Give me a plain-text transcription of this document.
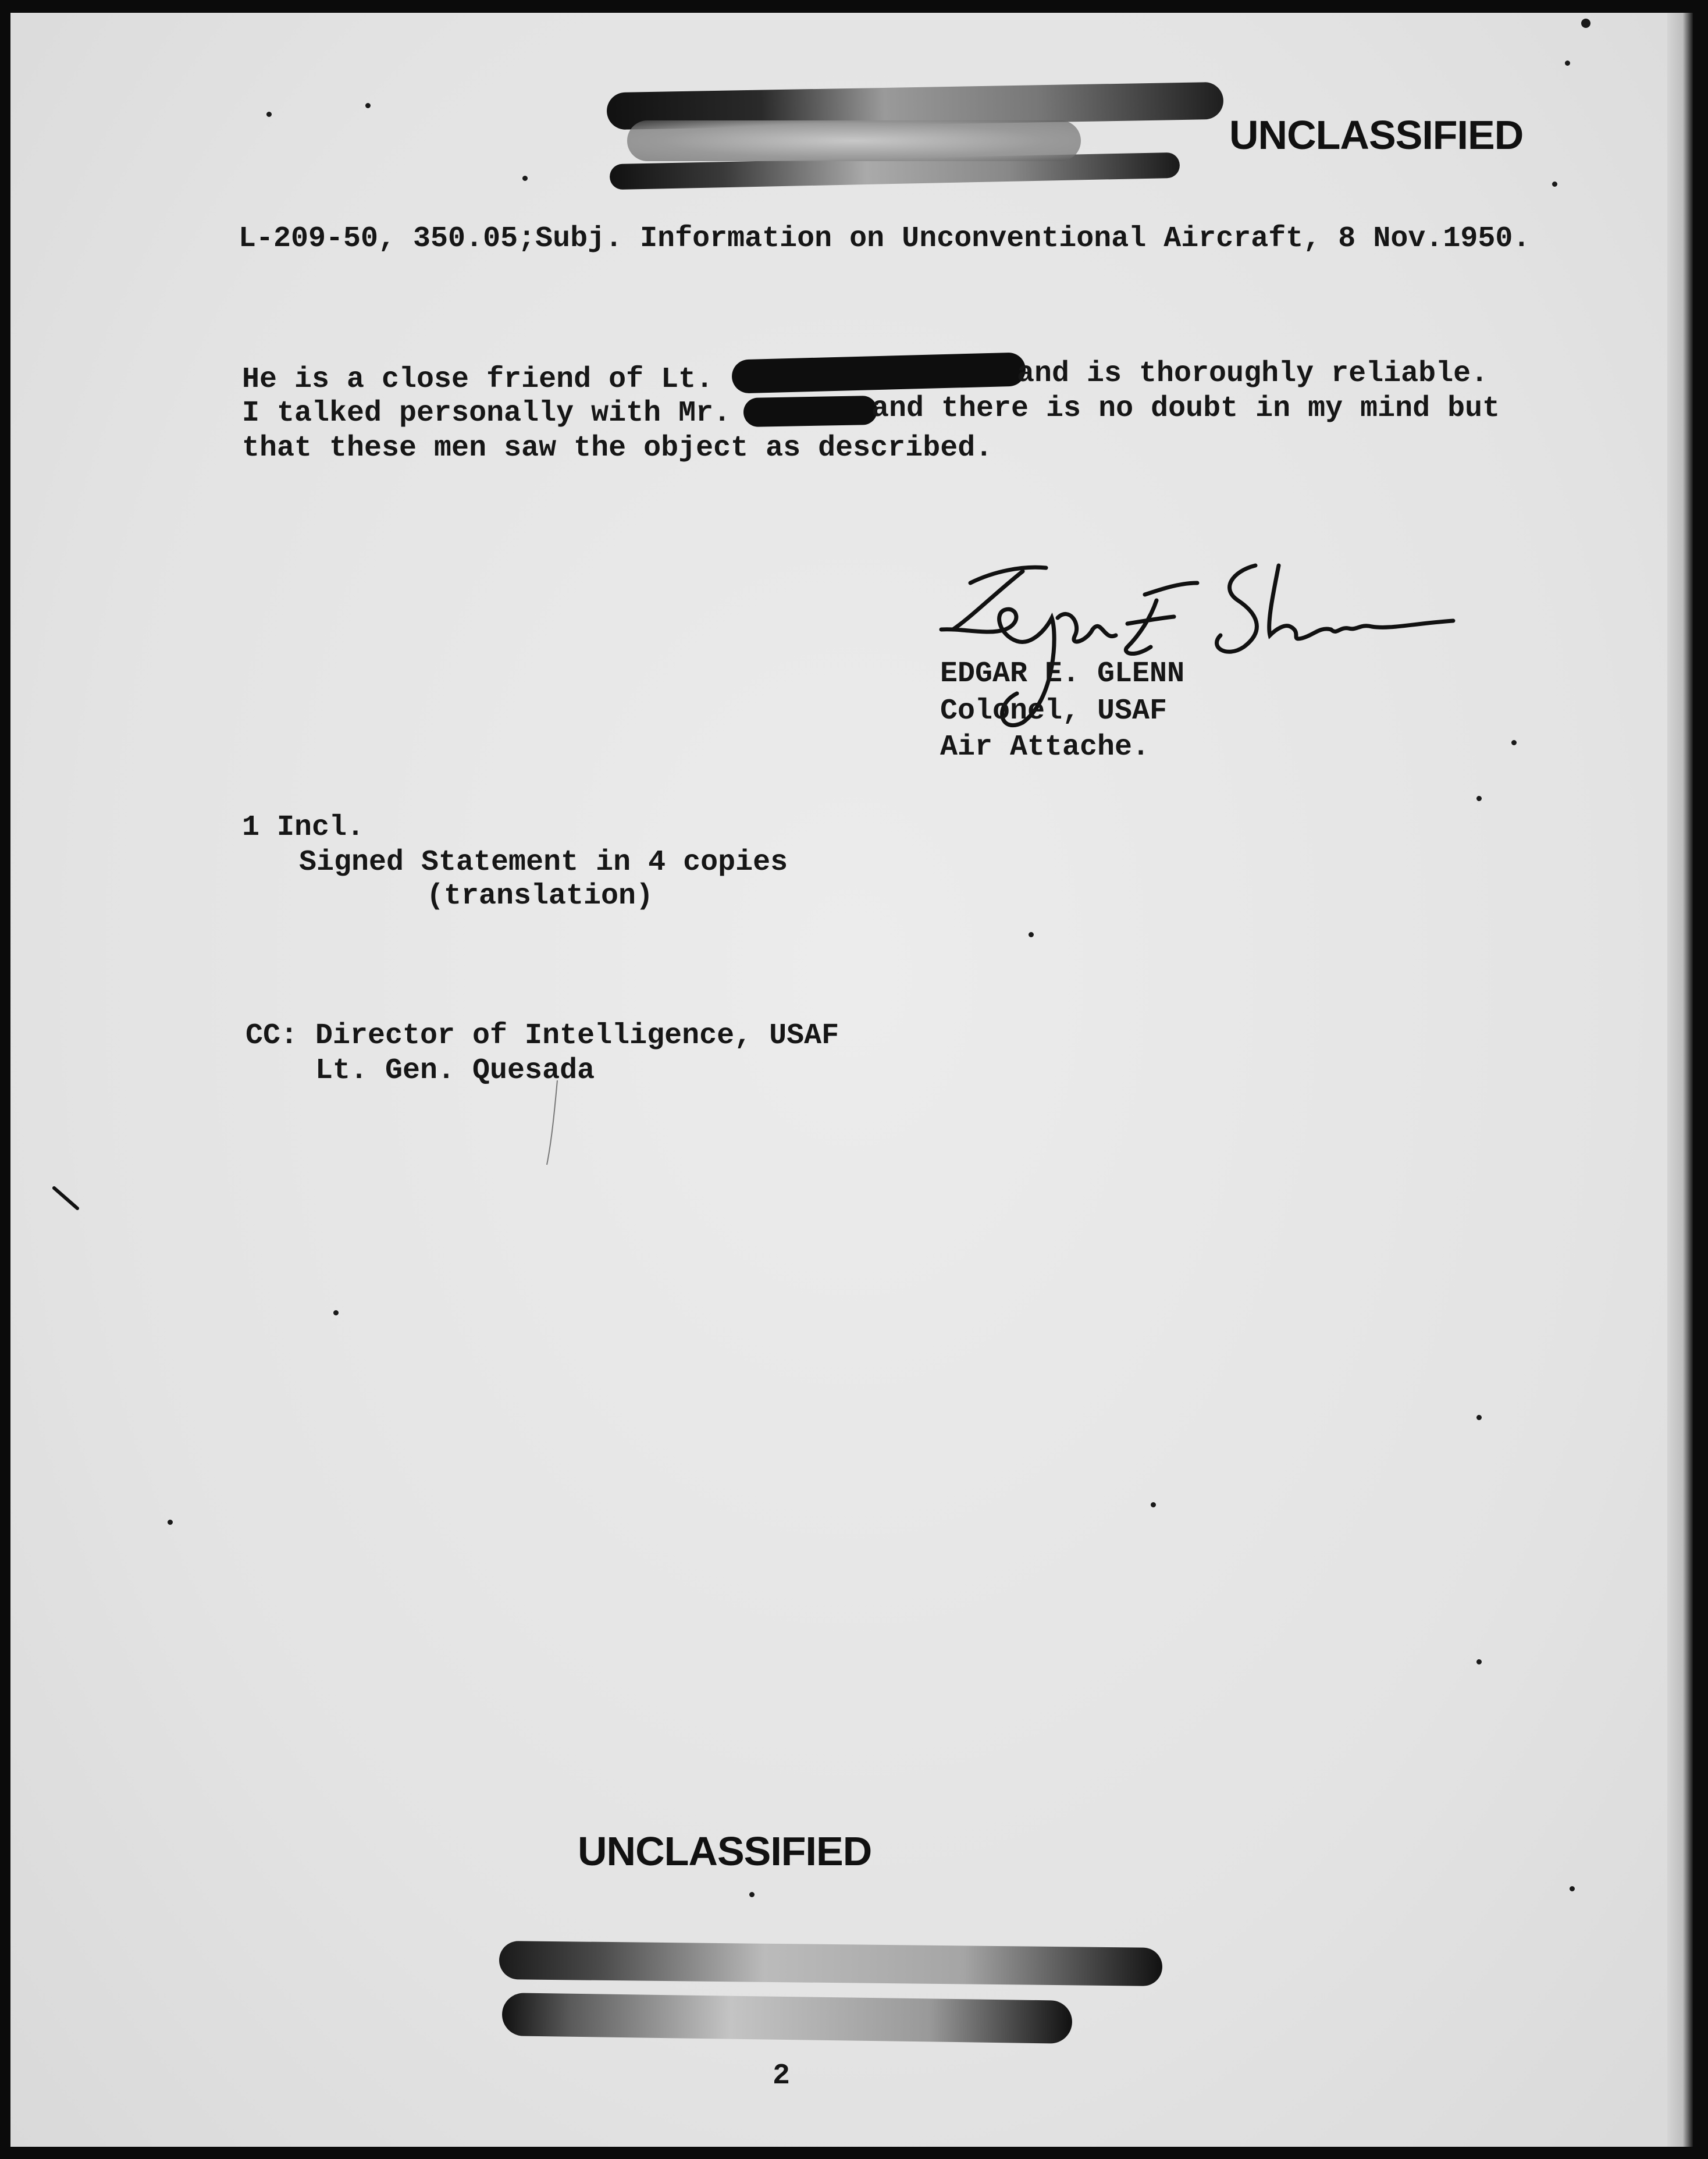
UNCLASSIFIED
L-209-50, 350.05;Subj. Information on Unconventional Aircraft, 8 Nov.1950.
He is a close friend of Lt.	and is thoroughly reliable.
I talked personally with Mr.	and there is no doubt in my mind but
that these men saw the object as described.
EDGAR E. GLENN
Colonel, USAF
Air Attache.
1 Incl.
Signed Statement in 4 copies
(translation)
CC: Director of Intelligence, USAF
Lt. Gen. Quesada
UNCLASSIFIED
2
